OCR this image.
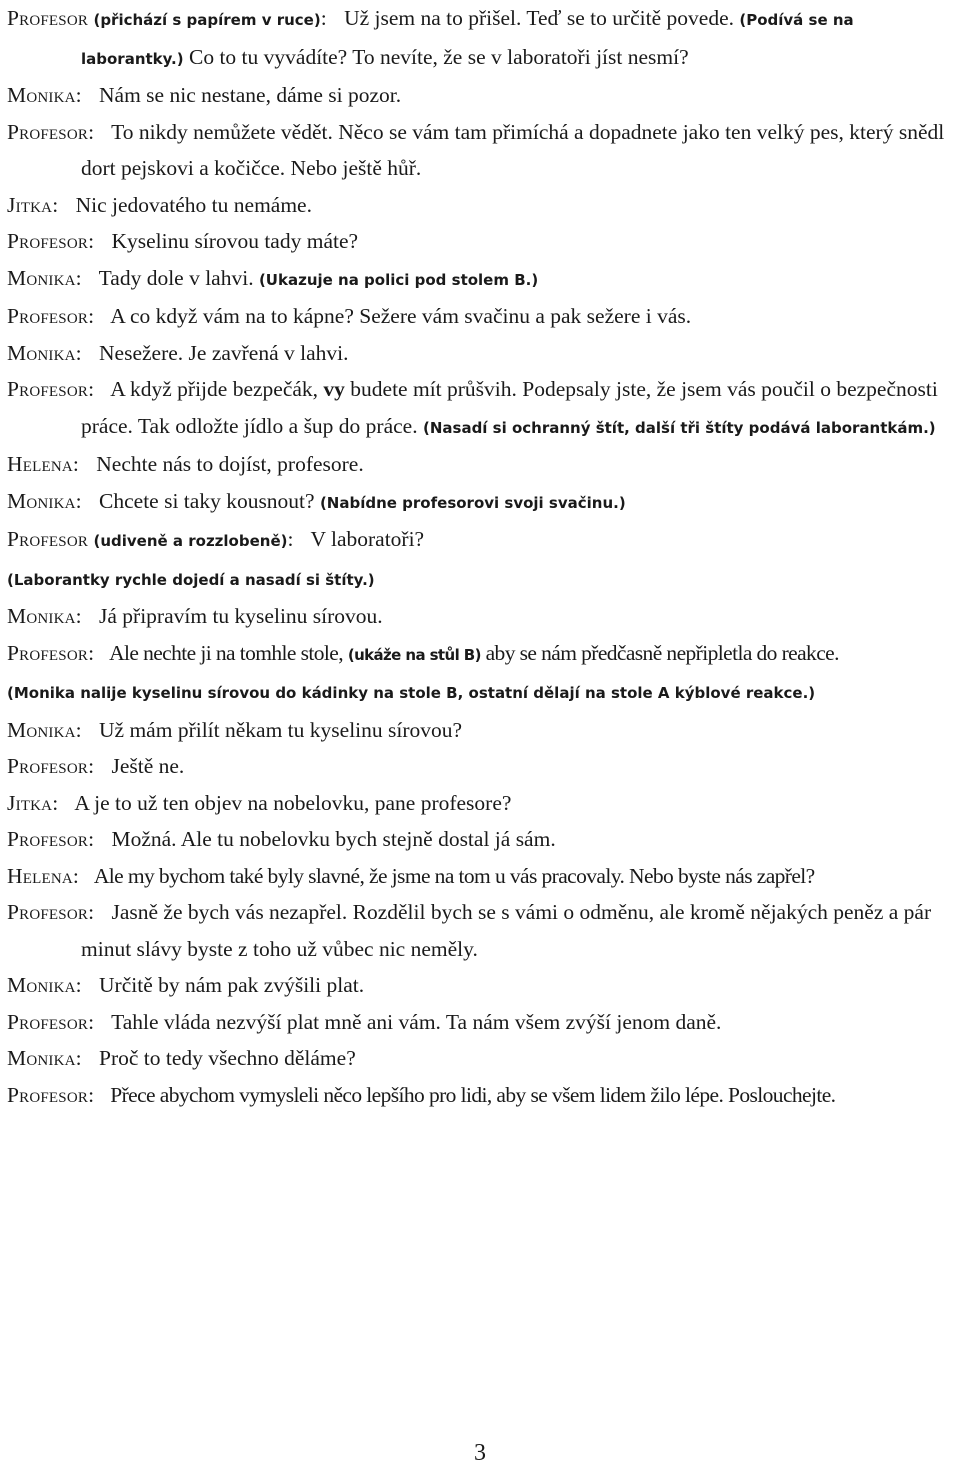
Profesor (přichází s papírem v ruce): Už jsem na to přišel. Teď se to určitě povede. (Podívá se na laborantky.) Co to tu vyvádíte? To nevíte, že se v laboratoři jíst nesmí?
Monika: Nám se nic nestane, dáme si pozor.
Profesor: To nikdy nemůžete vědět. Něco se vám tam přimíchá a dopadnete jako ten velký pes, který snědl dort pejskovi a kočičce. Nebo ještě hůř.
Jitka: Nic jedovatého tu nemáme.
Profesor: Kyselinu sírovou tady máte?
Monika: Tady dole v lahvi. (Ukazuje na polici pod stolem B.)
Profesor: A co když vám na to kápne? Sežere vám svačinu a pak sežere i vás.
Monika: Nesežere. Je zavřená v lahvi.
Profesor: A když přijde bezpečák, vy budete mít průšvih. Podepsaly jste, že jsem vás poučil o bezpečnosti práce. Tak odložte jídlo a šup do práce. (Nasadí si ochranný štít, další tři štíty podává laborantkám.)
Helena: Nechte nás to dojíst, profesore.
Monika: Chcete si taky kousnout? (Nabídne profesorovi svoji svačinu.)
Profesor (udiveně a rozzlobeně): V laboratoři?
(Laborantky rychle dojedí a nasadí si štíty.)
Monika: Já připravím tu kyselinu sírovou.
Profesor: Ale nechte ji na tomhle stole, (ukáže na stůl B) aby se nám předčasně nepřipletla do reakce.
(Monika nalije kyselinu sírovou do kádinky na stole B, ostatní dělají na stole A kýblové reakce.)
Monika: Už mám přilít někam tu kyselinu sírovou?
Profesor: Ještě ne.
Jitka: A je to už ten objev na nobelovku, pane profesore?
Profesor: Možná. Ale tu nobelovku bych stejně dostal já sám.
Helena: Ale my bychom také byly slavné, že jsme na tom u vás pracovaly. Nebo byste nás zapřel?
Profesor: Jasně že bych vás nezapřel. Rozdělil bych se s vámi o odměnu, ale kromě nějakých peněz a pár minut slávy byste z toho už vůbec nic neměly.
Monika: Určitě by nám pak zvýšili plat.
Profesor: Tahle vláda nezvýší plat mně ani vám. Ta nám všem zvýší jenom daně.
Monika: Proč to tedy všechno děláme?
Profesor: Přece abychom vymysleli něco lepšího pro lidi, aby se všem lidem žilo lépe. Poslouchejte.
3
